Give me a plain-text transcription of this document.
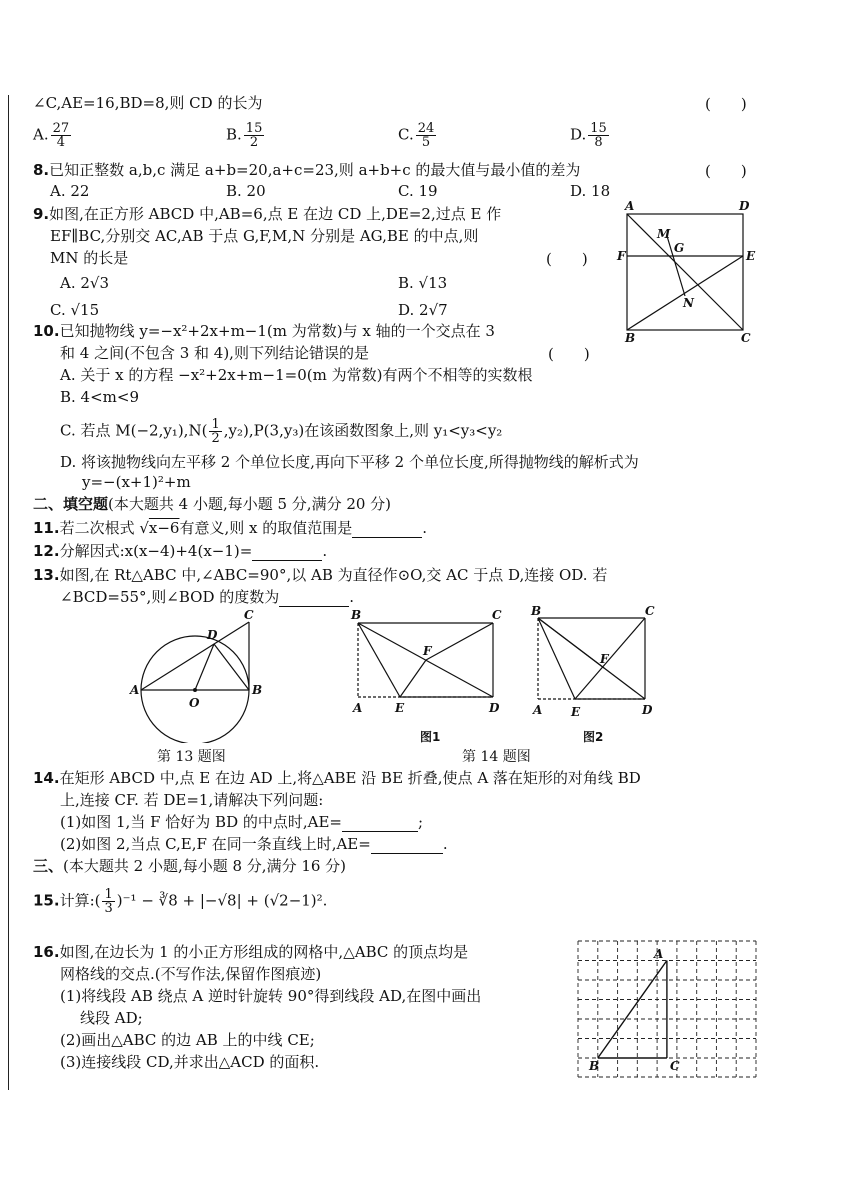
∠C,AE=16,BD=8,则 CD 的长为	(　　)
A. $\frac{27}{4}$	B. $\frac{15}{2}$	C. $\frac{24}{5}$	D. $\frac{15}{8}$
8.已知正整数 a,b,c 满足 a+b=20,a+c=23,则 a+b+c 的最大值与最小值的差为	(　　)
A. 22	B. 20	C. 19	D. 18
9.如图,在正方形 ABCD 中,AB=6,点 E 在边 CD 上,DE=2,过点 E 作
EF∥BC,分别交 AC,AB 于点 G,F,M,N 分别是 AG,BE 的中点,则
MN 的长是	(　　)
A. 2√3	B. √13
C. √15	D. 2√7
A	D
M
G
F	E
N
B	C
10.已知抛物线 y=−x²+2x+m−1(m 为常数)与 x 轴的一个交点在 3
和 4 之间(不包含 3 和 4),则下列结论错误的是	(　　)
A. 关于 x 的方程 −x²+2x+m−1=0(m 为常数)有两个不相等的实数根
B. 4<m<9
C. 若点 $M(-2,y_1),N( \frac{1}{2} ,y_2),P(3,y_3)$在该函数图象上,则 y₁<y₃<y₂
D. 将该抛物线向左平移 2 个单位长度,再向下平移 2 个单位长度,所得抛物线的解析式为
y=−(x+1)²+m
二、填空题(本大题共 4 小题,每小题 5 分,满分 20 分)
11.若二次根式 √x−6有意义,则 x 的取值范围是	.
12.分解因式:x(x−4)+4(x−1)=	.
13.如图,在 Rt△ABC 中,∠ABC=90°,以 AB 为直径作⊙O,交 AC 于点 D,连接 OD. 若
∠BCD=55°,则∠BOD 的度数为	.
C
D
A
O
B
第 13 题图
B	C
F
A	E	D
图1
B	C
F
A E	D
图2
第 14 题图
14.在矩形 ABCD 中,点 E 在边 AD 上,将△ABE 沿 BE 折叠,使点 A 落在矩形的对角线 BD
上,连接 CF. 若 DE=1,请解决下列问题:
(1)如图 1,当 F 恰好为 BD 的中点时,AE=	;
(2)如图 2,当点 C,E,F 在同一条直线上时,AE=	.
三、(本大题共 2 小题,每小题 8 分,满分 16 分)
15.计算:( $\frac{1}{3} )^{-1}$ − ∛8 + |−√8| + (√2−1)².
16.如图,在边长为 1 的小正方形组成的网格中,△ABC 的顶点均是
网格线的交点.(不写作法,保留作图痕迹)
(1)将线段 AB 绕点 A 逆时针旋转 90°得到线段 AD,在图中画出
线段 AD;
(2)画出△ABC 的边 AB 上的中线 CE;
(3)连接线段 CD,并求出△ACD 的面积.
A
B	C
